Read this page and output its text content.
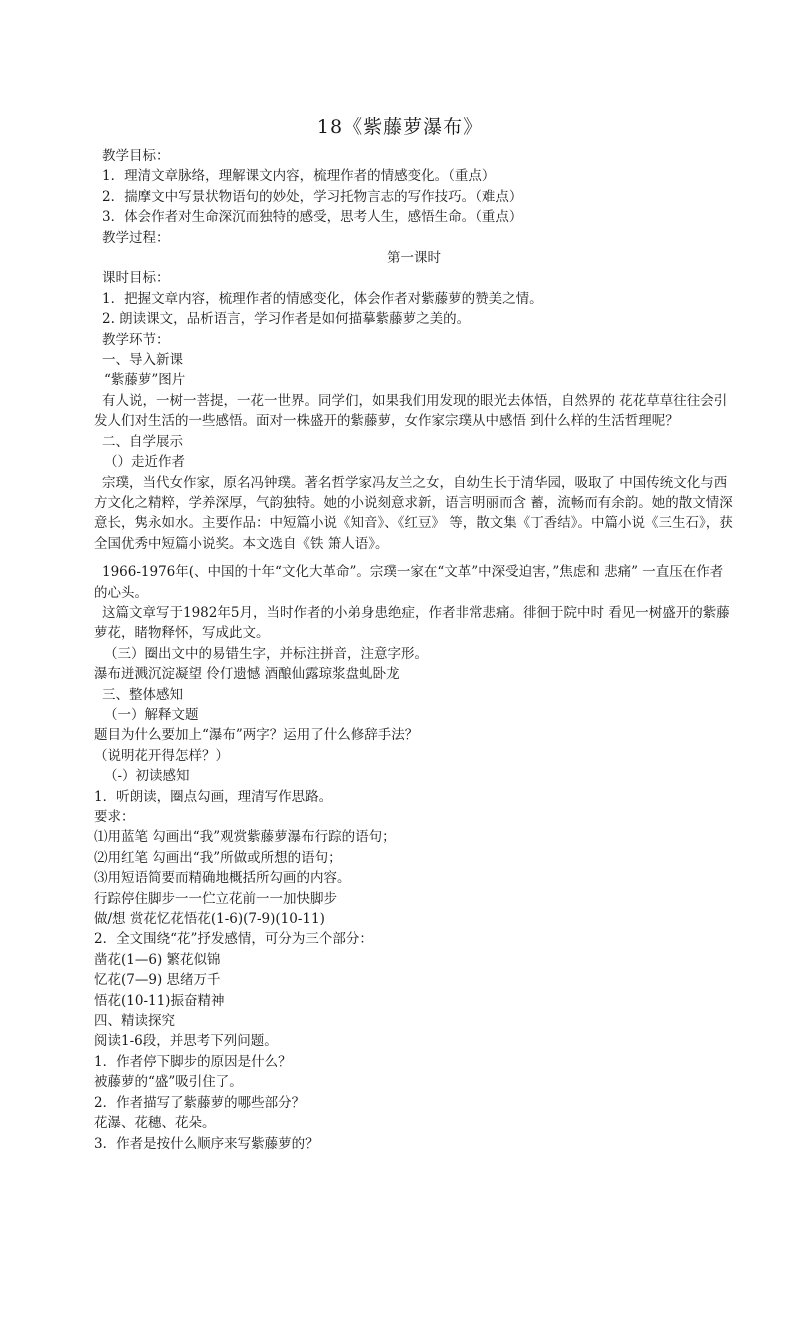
18《紫藤萝瀑布》

教学目标：

1．理清文章脉络，理解课文内容，梳理作者的情感变化。（重点）

2．揣摩文中写景状物语句的妙处，学习托物言志的写作技巧。（难点）

3．体会作者对生命深沉而独特的感受，思考人生，感悟生命。（重点）

教学过程：

第一课时

课时目标：

1．把握文章内容，梳理作者的情感变化，体会作者对紫藤萝的赞美之情。

2. 朗读课文，品析语言，学习作者是如何描摹紫藤萝之美的。

教学环节：

一、导入新课

“紫藤萝”图片

有人说，一树一菩提，一花一世界。同学们，如果我们用发现的眼光去体悟，自然界的 花花草草往往会引发人们对生活的一些感悟。面对一株盛开的紫藤萝，女作家宗璞从中感悟 到什么样的生活哲理呢？

二、自学展示

（）走近作者

宗璞，当代女作家，原名冯钟璞。著名哲学家冯友兰之女，自幼生长于清华园，吸取了 中国传统文化与西方文化之精粹，学养深厚，气韵独特。她的小说刻意求新，语言明丽而含 蓄，流畅而有余韵。她的散文情深意长，隽永如水。主要作品：中短篇小说《知音》、《红豆》 等，散文集《丁香结》。中篇小说《三生石》，获全国优秀中短篇小说奖。本文选自《铁 箫人语》。

1966-1976年(、中国的十年“文化大革命”。宗璞一家在“文革”中深受迫害，”焦虑和 悲痛” 一直压在作者的心头。

这篇文章写于1982年5月，当时作者的小弟身患绝症，作者非常悲痛。徘徊于院中时 看见一树盛开的紫藤萝花，睹物释怀，写成此文。

（三）圈出文中的易错生字，并标注拼音，注意字形。

瀑布迸溅沉淀凝望 伶仃遗憾 酒酿仙露琼浆盘虬卧龙

三、整体感知

（一）解释文题

题目为什么要加上“瀑布”两字？运用了什么修辞手法？

（说明花开得怎样？）

（-）初读感知

1．听朗读，圈点勾画，理清写作思路。

要求：

⑴用蓝笔 勾画出“我”观赏紫藤萝瀑布行踪的语句；

⑵用红笔 勾画出“我”所做或所想的语句；

⑶用短语简要而精确地概括所勾画的内容。

行踪停住脚步一一伫立花前一一加快脚步

做/想 赏花忆花悟花(1-6)(7-9)(10-11)

2．全文围绕“花”抒发感情，可分为三个部分：

凿花(1—6) 繁花似锦

忆花(7—9) 思绪万千

悟花(10-11)振奋精神

四、精读探究

阅读1-6段，并思考下列问题。

1．作者停下脚步的原因是什么？

被藤萝的“盛”吸引住了。

2．作者描写了紫藤萝的哪些部分？

花瀑、花穗、花朵。

3．作者是按什么顺序来写紫藤萝的？
